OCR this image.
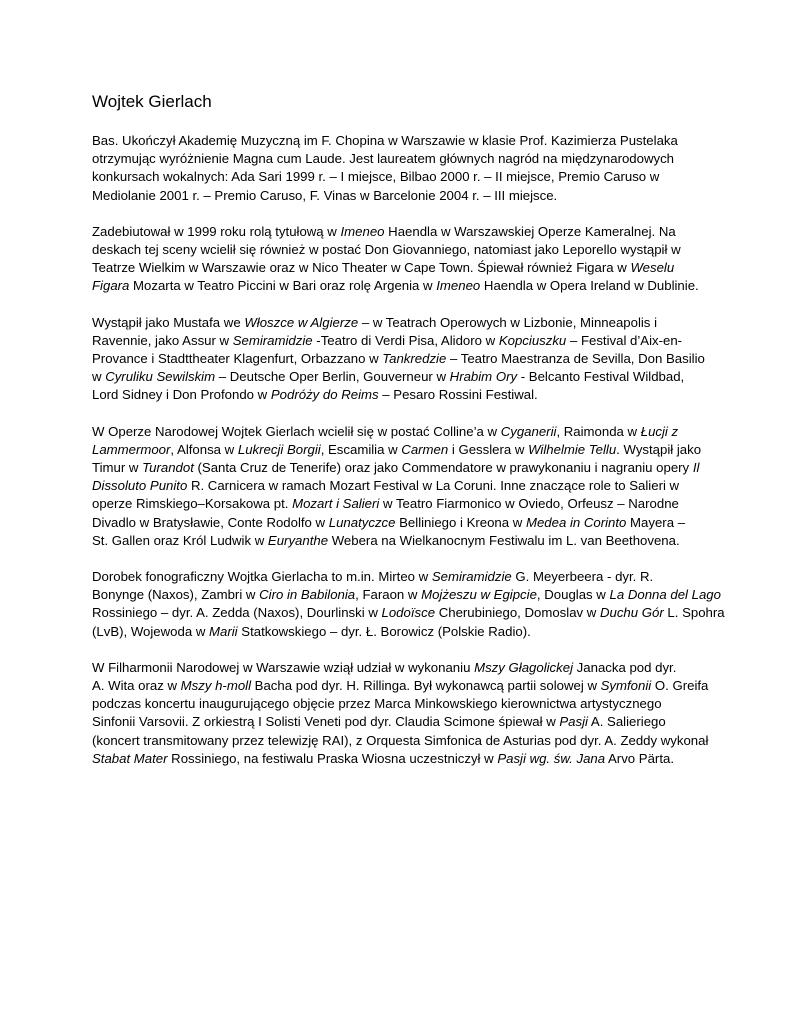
Wojtek Gierlach

Bas. Ukończył Akademię Muzyczną im F. Chopina w Warszawie w klasie Prof. Kazimierza Pustelaka
otrzymując wyróżnienie Magna cum Laude. Jest laureatem głównych nagród na międzynarodowych
konkursach wokalnych: Ada Sari 1999 r. – I miejsce, Bilbao 2000 r. – II miejsce, Premio Caruso w
Mediolanie 2001 r. – Premio Caruso, F. Vinas w Barcelonie 2004 r. – III miejsce.

Zadebiutował w 1999 roku rolą tytułową w Imeneo Haendla w Warszawskiej Operze Kameralnej. Na
deskach tej sceny wcielił się również w postać Don Giovanniego, natomiast jako Leporello wystąpił w
Teatrze Wielkim w Warszawie oraz w Nico Theater w Cape Town. Śpiewał również Figara w Weselu
Figara Mozarta w Teatro Piccini w Bari oraz rolę Argenia w Imeneo Haendla w Opera Ireland w Dublinie.

Wystąpił jako Mustafa we Włoszce w Algierze – w Teatrach Operowych w Lizbonie, Minneapolis i
Ravennie, jako Assur w Semiramidzie -Teatro di Verdi Pisa, Alidoro w Kopciuszku – Festival d’Aix-en-
Provance i Stadttheater Klagenfurt, Orbazzano w Tankredzie – Teatro Maestranza de Sevilla, Don Basilio
w Cyruliku Sewilskim – Deutsche Oper Berlin, Gouverneur w Hrabim Ory - Belcanto Festival Wildbad,
Lord Sidney i Don Profondo w Podróży do Reims – Pesaro Rossini Festiwal.

W Operze Narodowej Wojtek Gierlach wcielił się w postać Colline’a w Cyganerii, Raimonda w Łucji z
Lammermoor, Alfonsa w Lukrecji Borgii, Escamilia w Carmen i Gesslera w Wilhelmie Tellu. Wystąpił jako
Timur w Turandot (Santa Cruz de Tenerife) oraz jako Commendatore w prawykonaniu i nagraniu opery Il
Dissoluto Punito R. Carnicera w ramach Mozart Festival w La Coruni. Inne znaczące role to Salieri w
operze Rimskiego–Korsakowa pt. Mozart i Salieri w Teatro Fiarmonico w Oviedo, Orfeusz – Narodne
Divadlo w Bratysławie, Conte Rodolfo w Lunatyczce Belliniego i Kreona w Medea in Corinto Mayera –
St. Gallen oraz Król Ludwik w Euryanthe Webera na Wielkanocnym Festiwalu im L. van Beethovena.

Dorobek fonograficzny Wojtka Gierlacha to m.in. Mirteo w Semiramidzie G. Meyerbeera - dyr. R.
Bonynge (Naxos), Zambri w Ciro in Babilonia, Faraon w Mojżeszu w Egipcie, Douglas w La Donna del Lago
Rossiniego – dyr. A. Zedda (Naxos), Dourlinski w Lodoïsce Cherubiniego, Domoslav w Duchu Gór L. Spohra
(LvB), Wojewoda w Marii Statkowskiego – dyr. Ł. Borowicz (Polskie Radio).

W Filharmonii Narodowej w Warszawie wziął udział w wykonaniu Mszy Głagolickej Janacka pod dyr.
A. Wita oraz w Mszy h-moll Bacha pod dyr. H. Rillinga. Był wykonawcą partii solowej w Symfonii O. Greifa
podczas koncertu inaugurującego objęcie przez Marca Minkowskiego kierownictwa artystycznego
Sinfonii Varsovii. Z orkiestrą I Solisti Veneti pod dyr. Claudia Scimone śpiewał w Pasji A. Salieriego
(koncert transmitowany przez telewizję RAI), z Orquesta Simfonica de Asturias pod dyr. A. Zeddy wykonał
Stabat Mater Rossiniego, na festiwalu Praska Wiosna uczestniczył w Pasji wg. św. Jana Arvo Pärta.
